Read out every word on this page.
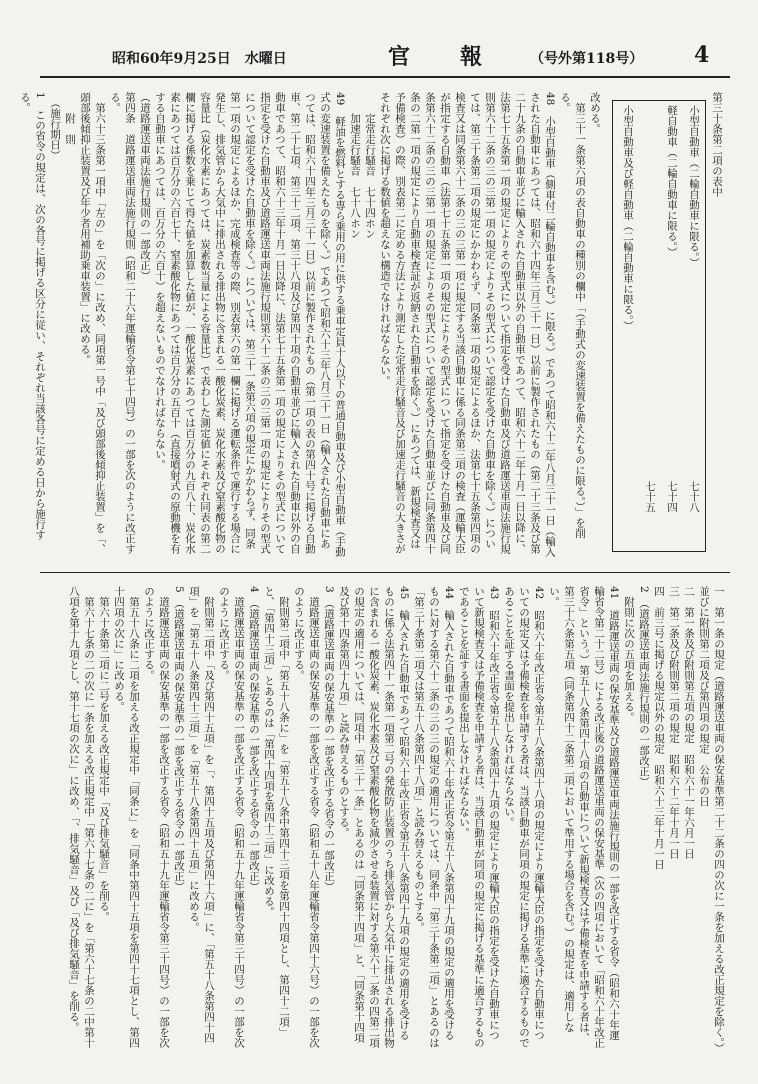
昭和60年9月25日　水曜日	官　報 （号外第118号） 4
第三十条第二項の表中
小型自動車（二輪自動車に限る。）
七十八
軽自動車（二輪自動車に限る。）
七十四
七十五
小型自動車及び軽自動車（二輪自動車に限る。）

改める。

　第三十一条第六項の表自動車の種別の欄中「（手動式の変速装置を備えたものに限る。）」を削る。

48　小型自動車（側車付二輪自動車を含む。）に限る。）であつて昭和六十二年八月三十一日（輸入された自動車にあつては、昭和六十四年三月三十一日）以前に製作されたもの（第二十三条及び第二十九条の自動車並びに輸入された自動車以外の自動車であつて、昭和六十二年十月一日以降に、法第七十五条第一項の規定によりその型式について指定を受けた自動車及び道路運送車両法施行規則第六十二条の三の三第一項の規定によりその型式について認定を受けた自動車を除く。）については、第三十条第二項の規定にかかわらず、同条第一項の規定によるほか、法第七十五条第四項の検査又は同条第六十二条の三の三第一項に規定する当該自動車に係る同条第三項の検査（運輸大臣が指定する自動車（法第七十五条第一項の規定によりその型式について指定を受けた自動車及び同条第六十二条の三の三第一項の規定によりその型式について認定を受けた自動車並びに同条第四十条の二第一項の規定により自動車検査証が返納された自動車を除く。）にあつては、新規検査又は予備検査）の際、別表第二に定める方法により測定した定常走行騒音及び加速走行騒音の大きさがそれぞれ次に掲げる数値を超えない構造でなければならない。

　　定常走行騒音　七十四ホン

　　加速走行騒音　七十八ホン

49　軽油を燃料とする専ら乗用の用に供する乗車定員十人以下の普通自動車及び小型自動車（手動式の変速装置を備えたものを除く。）であつて昭和六十三年八月三十一日（輸入された自動車にあつては、昭和六十四年三月三十一日）以前に製作されたもの（第一項の表の第四十号に掲げる自動車、第二十七項、第三十二項、第三十八項及び第四十項の自動車並びに輸入された自動車以外の自動車であつて、昭和六十三年十月一日以降に、法第七十五条第一項の規定によりその型式について指定を受けた自動車及び道路運送車両法施行規則第六十二条の三の三第一項の規定によりその型式について認定を受けた自動車を除く。）については、第三十一条第六項の規定にかかわらず、同条第一項の規定によるほか、完成検査等の際、別表第六の第一欄に掲げる運転条件で運行する場合に発生し、排気管から大気中に排出される排出物に含まれる一酸化炭素、炭化水素及び窒素酸化物の容量比（炭化水素にあつては、炭素数当量による容量比）で表わした測定値にそれぞれ同表の第二欄に掲げる係数を乗じて得た値を加算した値が、一酸化炭素にあつては百万分の九百八十、炭化水素にあつては百万分の六百七十、窒素酸化物にあつては百万分の五百十（直接噴射式の原動機を有する自動車にあつては、百万分の六百十）を超えないものでなければならない。

（道路運送車両法施行規則の一部改正）

第四条　道路運送車両法施行規則（昭和二十六年運輸省令第七十四号）の一部を次のように改正する。

　第六十三条第一項中「左の」を「次の」に改め、同項第一号中「及び頭部後傾抑止装置」を「、頭部後傾抑止装置及び年少者用補助乗車装置」に改める。

　　附　則

　（施行期日）

1　この省令の規定は、次の各号に掲げる区分に従い、それぞれ当該各号に定める日から施行する。

一　第一条の規定（道路運送車両の保安基準第二十二条の四の次に一条を加える改正規定を除く。）並びに附則第二項及び第四項の規定　公布の日

二　第一条及び附則第五項の規定　昭和六十一年六月一日

三　第二条及び附則第二項の規定　昭和六十二年十月一日

四　前三号に掲げる規定以外の規定　昭和六十三年十月一日

2　（道路運送車両法施行規則の一部改正）

　附則に次の五項を加える。

41　道路運送車両の保安基準及び道路運送車両法施行規則の一部を改正する省令（昭和六十年運輸省令第二十二号）による改正後の道路運送車両の保安基準（次の四項において「昭和六十年改正省令」という。）第五十八条第四十八項の自動車について新規検査又は予備検査を申請する者は、第三十六条第五項（同条第四十二条第二項において準用する場合を含む。）の規定は、適用しない。

42　昭和六十年改正省令第五十八条第四十八項の規定により運輸大臣の指定を受けた自動車についての規定又は予備検査を申請する者は、当該自動車が同項の規定に掲げる基準に適合するものであることを証する書面を提出しなければならない。

43　昭和六十年改正省令第五十八条第四十九項の規定により運輸大臣の指定を受けた自動車について新規検査又は予備検査を申請する者は、当該自動車が同項の規定に掲げる基準に適合するものであることを証する書面を提出しなければならない。

44　輸入された自動車であつて昭和六十年改正省令第五十八条第四十九項の規定の適用を受けるものに対する第六十二条の三の三の規定の適用については、同条中「第三十条第二項」とあるのは「第三十条第二項又は第五十八条第四十八項」と読み替えるものとする。

45　輸入された自動車であつて昭和六十年改正省令第五十八条第四十九項の規定の適用を受けるものに係る法第四十一条第一項第二号の発散防止装置のうち排気管から大気中に排出される排出物に含まれる一酸化炭素、炭化水素及び窒素酸化物を減少させる装置に対する第六十二条の四第二項の規定の適用については、同項中「第三十一条」とあるのは「同条第十四項」と、「同条第十四項及び第十四条第四十九項」と読み替えるものとする。

3　（道路運送車両の保安基準の一部を改正する省令の一部改正）

　道路運送車両の保安基準の一部を改正する省令（昭和五十八年運輸省令第四十六号）の一部を次のように改正する。

　附則第二項中「第五十八条に」を「第五十八条中第四十三項を第四十四項とし、第四十二項」と、「第四十三項」とあるのは「第四十四項を第四十三項」に改める。

4　（道路運送車両の保安基準の一部を改正する省令の一部改正）

　道路運送車両の保安基準の一部を改正する省令（昭和五十九年運輸省令第三十四号）の一部を次のように改正する。

　附則第二項中「及び第四十五項」を「、第四十五項及び第四十六項」に、「第五十八条第四十四項」を「第五十八条第四十三項」を「第五十八条第四十五項」に改める。

5　（道路運送車両の保安基準の一部を改正する省令の一部改正）

　道路運送車両の保安基準の一部を改正する省令（昭和五十九年運輸省令第三十四号）の一部を次のように改正する。

　第五十八条に二項を加える改正規定中「同条に」を「同条中第四十五項を第四十七項とし、第四十四項の次に」に改める。

　第六十条第二項に二号を加える改正規定中「及び排気騒音」を削る。

　第六十七条の二の次に一条を加える改正規定中「第六十七条の二に」を「第六十七条の二中第十八項を第十九項とし、第十七項の次に」に改め、「、排気騒音」及び「及び排気騒音」を削る。
